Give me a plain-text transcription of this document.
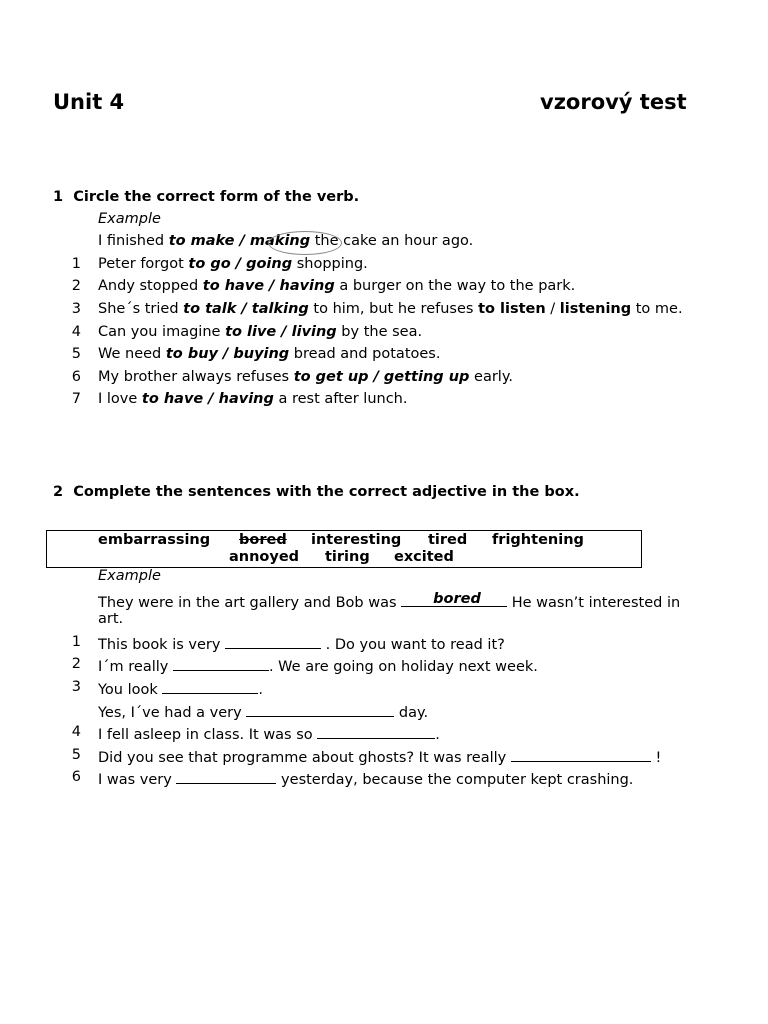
Unit 4	vzorový test
1 Circle the correct form of the verb.
Example
I finished to make / making the cake an hour ago.
1 Peter forgot to go / going shopping.
2 Andy stopped to have / having a burger on the way to the park.
3 She´s tried to talk / talking to him, but he refuses to listen / listening to me.
4 Can you imagine to live / living by the sea.
5 We need to buy / buying bread and potatoes.
6 My brother always refuses to get up / getting up early.
7 I love to have / having a rest after lunch.
2 Complete the sentences with the correct adjective in the box.
embarrassing bored interesting tired frightening
annoyed tiring excited
Example
They were in the art gallery and Bob was bored He wasn’t interested in
art.
1 This book is very	. Do you want to read it?
2 I´m really	. We are going on holiday next week.
3 You look	.
Yes, I´ve had a very	day.
4 I fell asleep in class. It was so	.
5 Did you see that programme about ghosts? It was really	!
6 I was very	yesterday, because the computer kept crashing.
